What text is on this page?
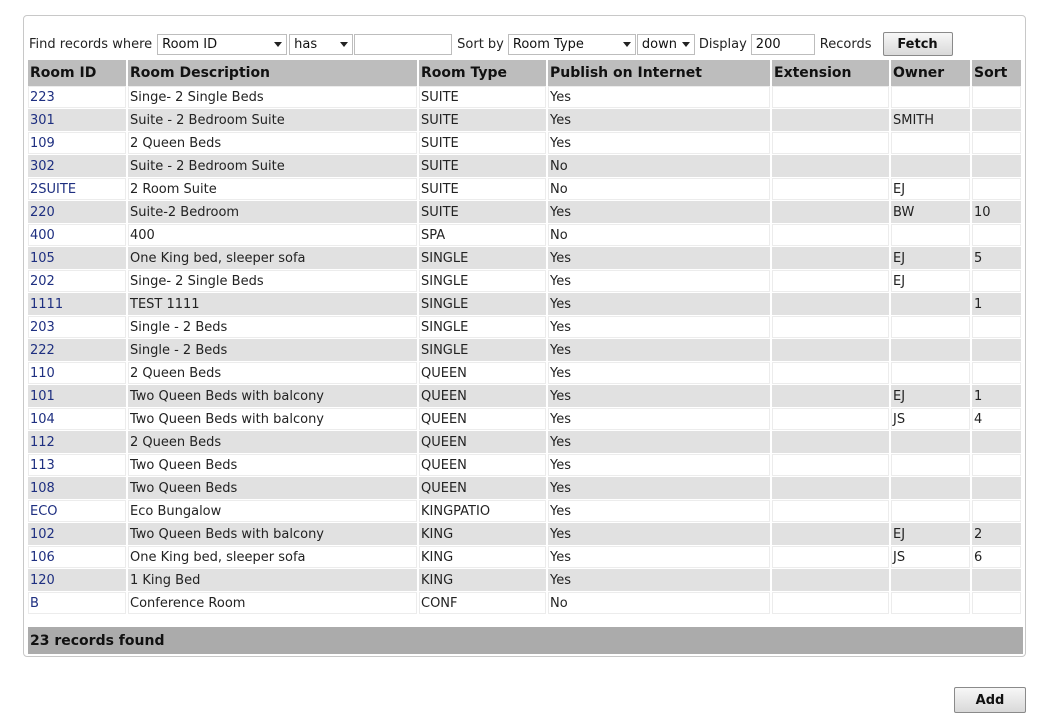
Find records where Room ID	has	Sort by Room Type	down Display 200	Records	Fetch
Room ID	Room Description	Room Type	Publish on Internet	Extension	Owner	Sort
223	Singe- 2 Single Beds	SUITE	Yes			
301	Suite - 2 Bedroom Suite	SUITE	Yes		SMITH	
109	2 Queen Beds	SUITE	Yes			
302	Suite - 2 Bedroom Suite	SUITE	No			
2SUITE	2 Room Suite	SUITE	No		EJ	
220	Suite-2 Bedroom	SUITE	Yes		BW	10
400	400	SPA	No			
105	One King bed, sleeper sofa	SINGLE	Yes		EJ	5
202	Singe- 2 Single Beds	SINGLE	Yes		EJ	
1111	TEST 1111	SINGLE	Yes			1
203	Single - 2 Beds	SINGLE	Yes			
222	Single - 2 Beds	SINGLE	Yes			
110	2 Queen Beds	QUEEN	Yes			
101	Two Queen Beds with balcony	QUEEN	Yes		EJ	1
104	Two Queen Beds with balcony	QUEEN	Yes		JS	4
112	2 Queen Beds	QUEEN	Yes			
113	Two Queen Beds	QUEEN	Yes			
108	Two Queen Beds	QUEEN	Yes			
ECO	Eco Bungalow	KINGPATIO	Yes			
102	Two Queen Beds with balcony	KING	Yes		EJ	2
106	One King bed, sleeper sofa	KING	Yes		JS	6
120	1 King Bed	KING	Yes			
B	Conference Room	CONF	No			
23 records found
Add
